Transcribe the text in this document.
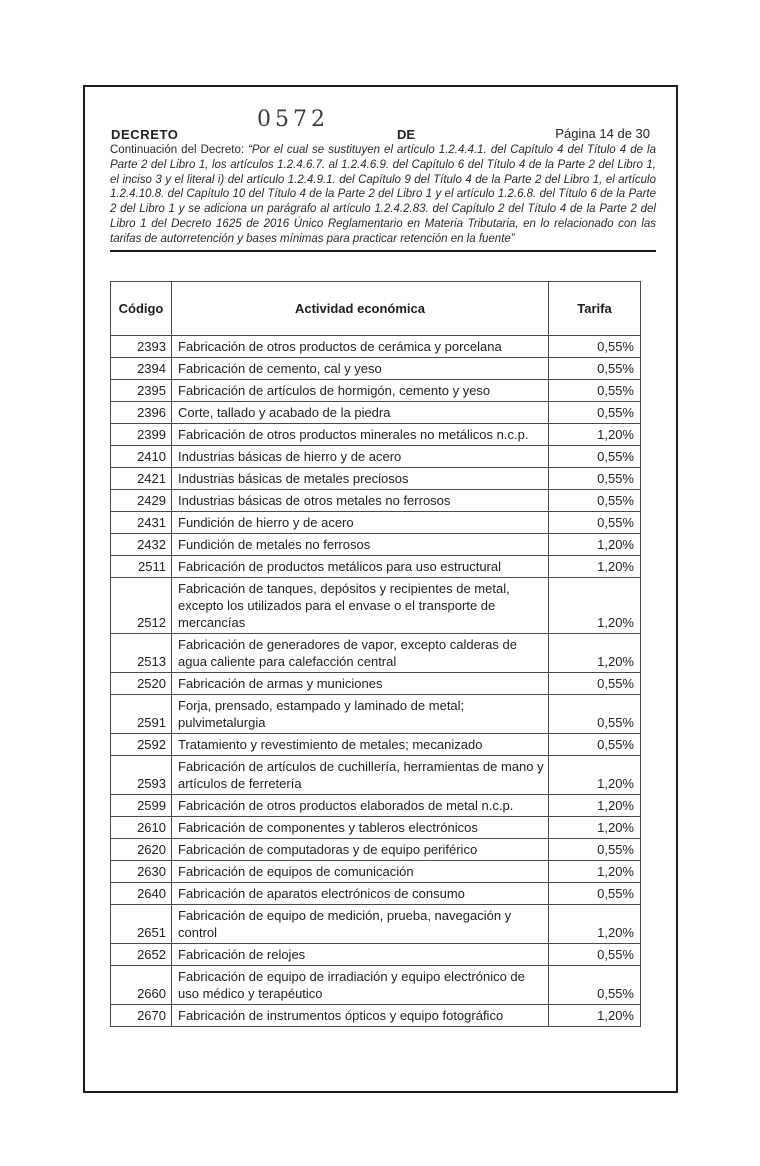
DECRETO
0572
DE	Página 14 de 30

Continuación del Decreto: “Por el cual se sustituyen el artículo 1.2.4.4.1. del Capítulo 4 del Título 4 de la Parte 2 del Libro 1, los artículos 1.2.4.6.7. al 1.2.4.6.9. del Capítulo 6 del Título 4 de la Parte 2 del Libro 1, el inciso 3 y el literal i) del artículo 1.2.4.9.1. del Capítulo 9 del Título 4 de la Parte 2 del Libro 1, el artículo 1.2.4.10.8. del Capítulo 10 del Título 4 de la Parte 2 del Libro 1 y el artículo 1.2.6.8. del Título 6 de la Parte 2 del Libro 1 y se adiciona un parágrafo al artículo 1.2.4.2.83. del Capítulo 2 del Título 4 de la Parte 2 del Libro 1 del Decreto 1625 de 2016 Único Reglamentario en Materia Tributaria, en lo relacionado con las tarifas de autorretención y bases mínimas para practicar retención en la fuente”

Código	Actividad económica	Tarifa
2393	Fabricación de otros productos de cerámica y porcelana	0,55%
2394	Fabricación de cemento, cal y yeso	0,55%
2395	Fabricación de artículos de hormigón, cemento y yeso	0,55%
2396	Corte, tallado y acabado de la piedra	0,55%
2399	Fabricación de otros productos minerales no metálicos n.c.p.	1,20%
2410	Industrias básicas de hierro y de acero	0,55%
2421	Industrias básicas de metales preciosos	0,55%
2429	Industrias básicas de otros metales no ferrosos	0,55%
2431	Fundición de hierro y de acero	0,55%
2432	Fundición de metales no ferrosos	1,20%
2511	Fabricación de productos metálicos para uso estructural	1,20%
2512	Fabricación de tanques, depósitos y recipientes de metal, excepto los utilizados para el envase o el transporte de mercancías	1,20%
2513	Fabricación de generadores de vapor, excepto calderas de agua caliente para calefacción central	1,20%
2520	Fabricación de armas y municiones	0,55%
2591	Forja, prensado, estampado y laminado de metal; pulvimetalurgia	0,55%
2592	Tratamiento y revestimiento de metales; mecanizado	0,55%
2593	Fabricación de artículos de cuchillería, herramientas de mano y artículos de ferretería	1,20%
2599	Fabricación de otros productos elaborados de metal n.c.p.	1,20%
2610	Fabricación de componentes y tableros electrónicos	1,20%
2620	Fabricación de computadoras y de equipo periférico	0,55%
2630	Fabricación de equipos de comunicación	1,20%
2640	Fabricación de aparatos electrónicos de consumo	0,55%
2651	Fabricación de equipo de medición, prueba, navegación y control	1,20%
2652	Fabricación de relojes	0,55%
2660	Fabricación de equipo de irradiación y equipo electrónico de uso médico y terapéutico	0,55%
2670	Fabricación de instrumentos ópticos y equipo fotográfico	1,20%
